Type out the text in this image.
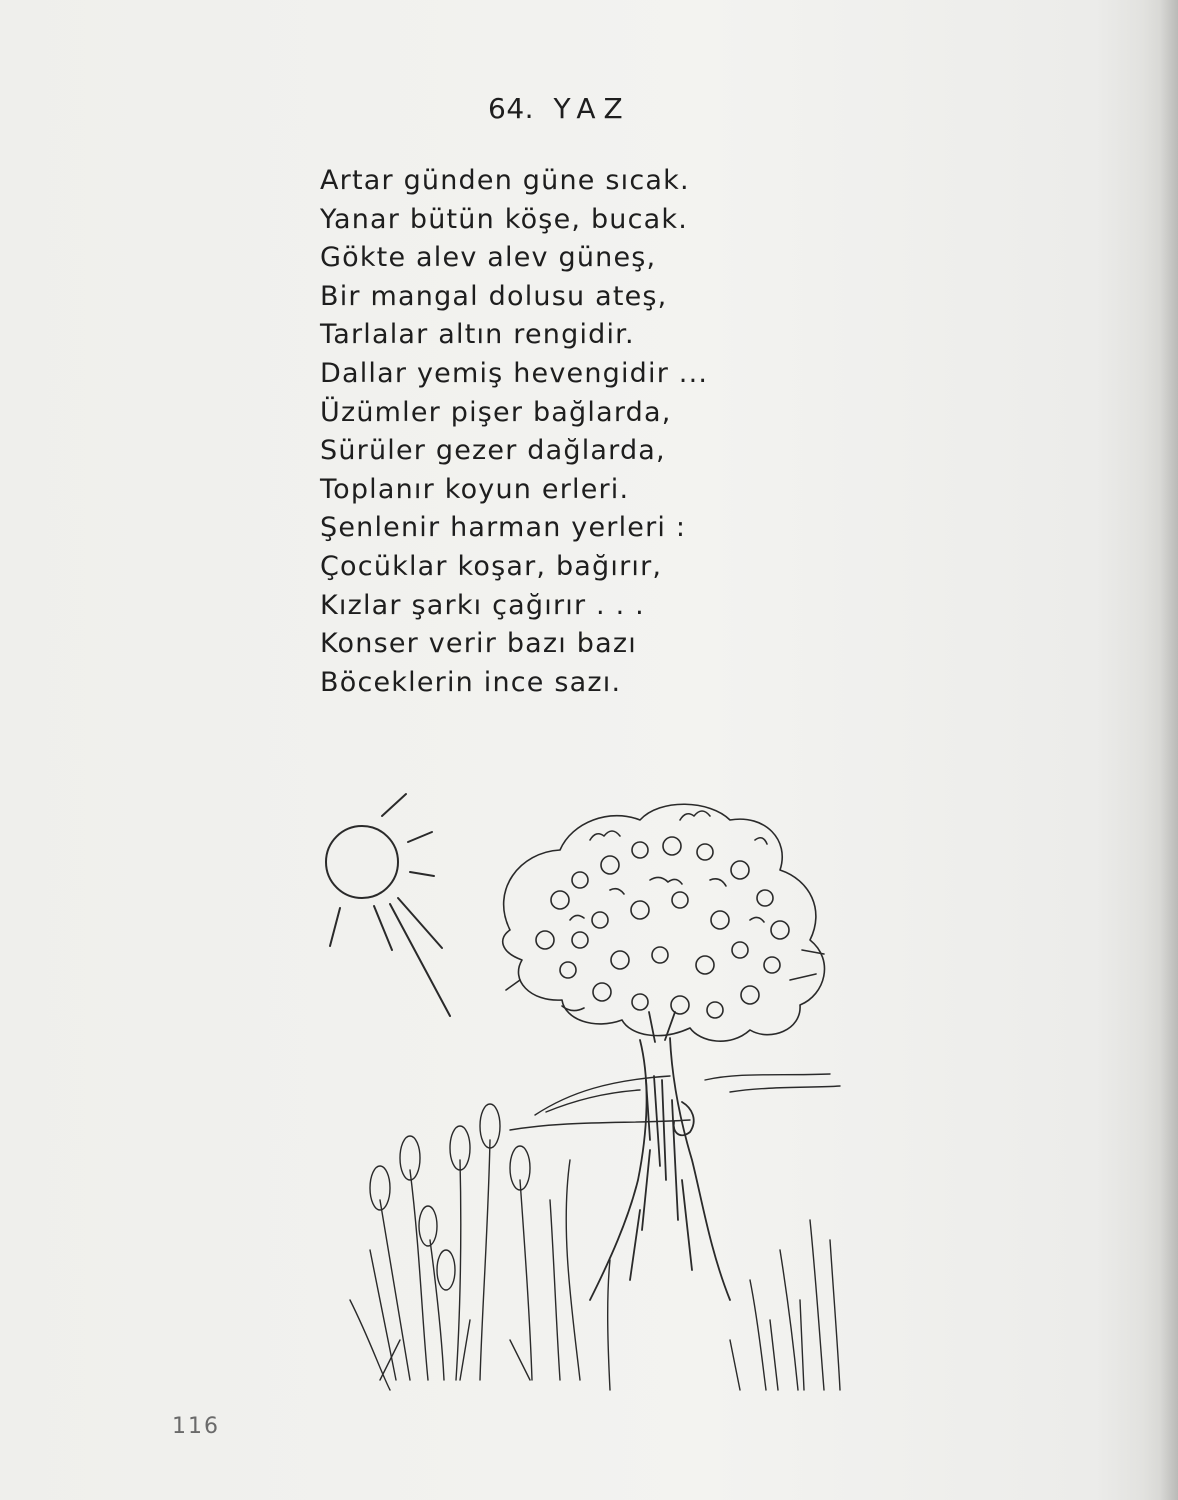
64. YAZ
Artar günden güne sıcak.
Yanar bütün köşe, bucak.
Gökte alev alev güneş,
Bir mangal dolusu ateş,
Tarlalar altın rengidir.
Dallar yemiş hevengidir ...
Üzümler pişer bağlarda,
Sürüler gezer dağlarda,
Toplanır koyun erleri.
Şenlenir harman yerleri :
Çocüklar koşar, bağırır,
Kızlar şarkı çağırır . . .
Konser verir bazı bazı
Böceklerin ince sazı.
116
